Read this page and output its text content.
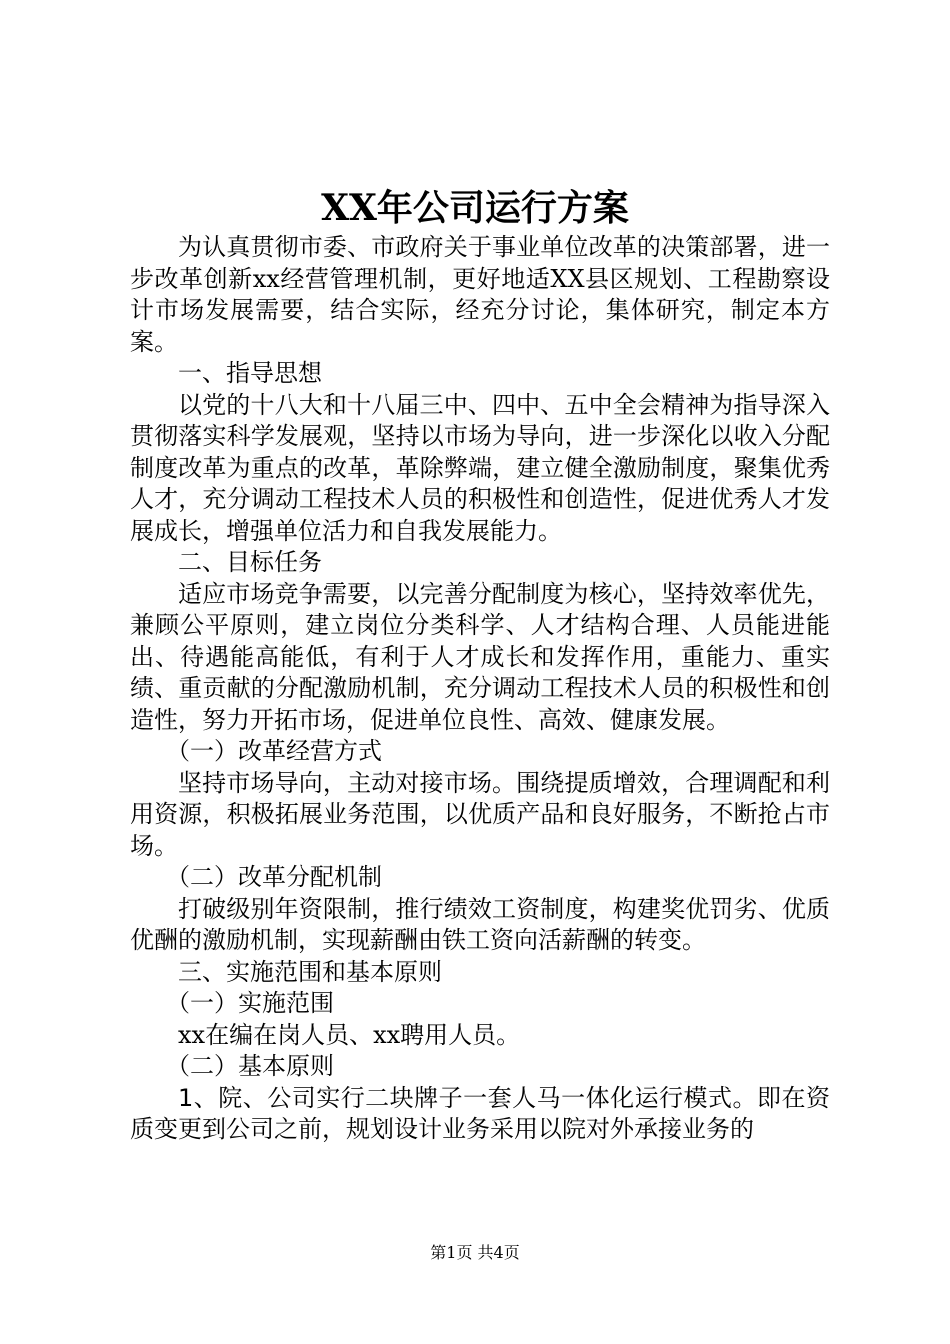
XX年公司运行方案

为认真贯彻市委、市政府关于事业单位改革的决策部署，进一步改革创新xx经营管理机制，更好地适XX县区规划、工程勘察设计市场发展需要，结合实际，经充分讨论，集体研究，制定本方案。

一、指导思想

以党的十八大和十八届三中、四中、五中全会精神为指导深入贯彻落实科学发展观，坚持以市场为导向，进一步深化以收入分配制度改革为重点的改革，革除弊端，建立健全激励制度，聚集优秀人才，充分调动工程技术人员的积极性和创造性，促进优秀人才发展成长，增强单位活力和自我发展能力。

二、目标任务

适应市场竞争需要，以完善分配制度为核心，坚持效率优先，兼顾公平原则，建立岗位分类科学、人才结构合理、人员能进能出、待遇能高能低，有利于人才成长和发挥作用，重能力、重实绩、重贡献的分配激励机制，充分调动工程技术人员的积极性和创造性，努力开拓市场，促进单位良性、高效、健康发展。

（一）改革经营方式

坚持市场导向，主动对接市场。围绕提质增效，合理调配和利用资源，积极拓展业务范围，以优质产品和良好服务，不断抢占市场。

（二）改革分配机制

打破级别年资限制，推行绩效工资制度，构建奖优罚劣、优质优酬的激励机制，实现薪酬由铁工资向活薪酬的转变。

三、实施范围和基本原则

（一）实施范围

xx在编在岗人员、xx聘用人员。

（二）基本原则

1、院、公司实行二块牌子一套人马一体化运行模式。即在资质变更到公司之前，规划设计业务采用以院对外承接业务的

第1页 共4页
